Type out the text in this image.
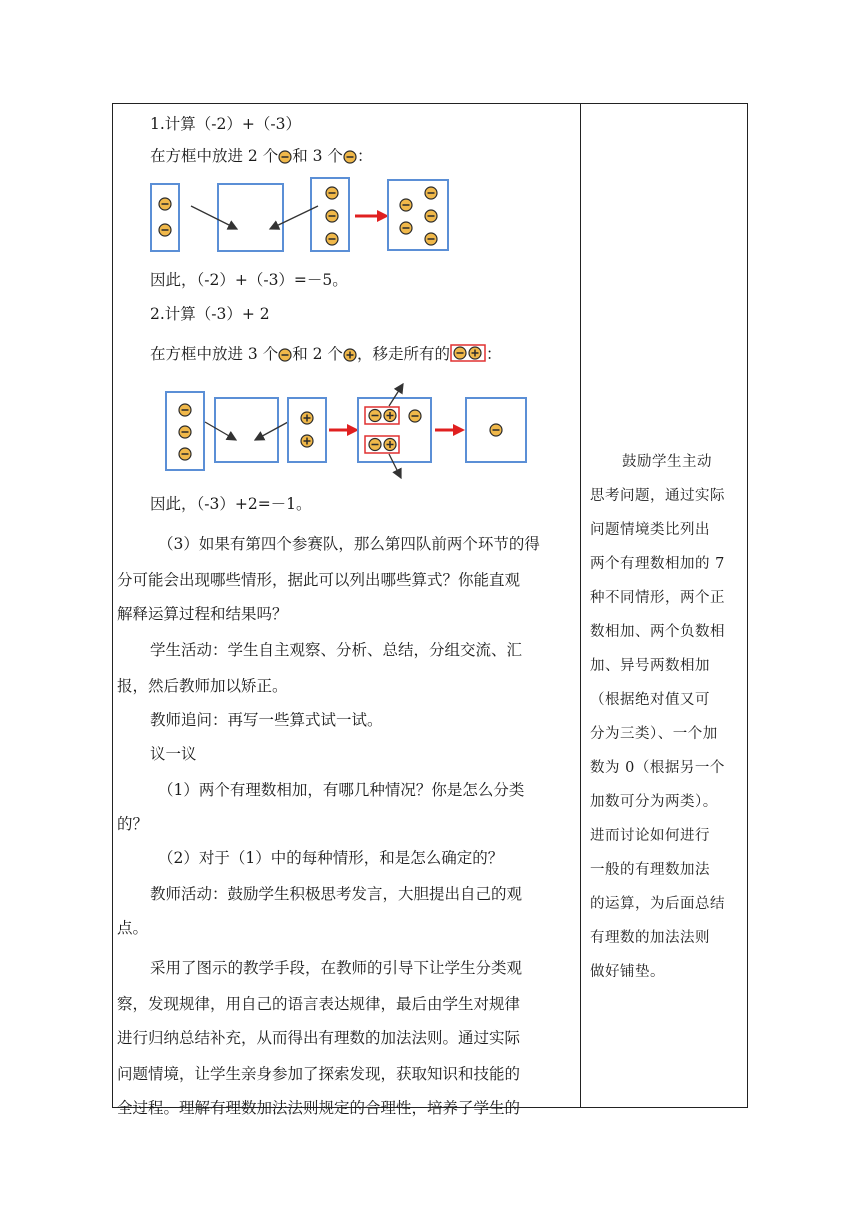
1.计算（-2）+（-3）
在方框中放进 2 个 和 3 个 ：
因此，（-2）+（-3）=－5。
2.计算（-3）+ 2
在方框中放进 3 个 和 2 个 ，移走所有的 ：
因此，（-3）+2=－1。
（3）如果有第四个参赛队，那么第四队前两个环节的得
分可能会出现哪些情形，据此可以列出哪些算式？你能直观
解释运算过程和结果吗？
学生活动：学生自主观察、分析、总结，分组交流、汇
报，然后教师加以矫正。
教师追问：再写一些算式试一试。
议一议
（1）两个有理数相加，有哪几种情况？你是怎么分类
的？
（2）对于（1）中的每种情形，和是怎么确定的？
教师活动：鼓励学生积极思考发言，大胆提出自己的观
点。
采用了图示的教学手段，在教师的引导下让学生分类观
察，发现规律，用自己的语言表达规律，最后由学生对规律
进行归纳总结补充，从而得出有理数的加法法则。通过实际
问题情境，让学生亲身参加了探索发现，获取知识和技能的
全过程。理解有理数加法法则规定的合理性，培养了学生的
鼓励学生主动
思考问题，通过实际
问题情境类比列出
两个有理数相加的 7
种不同情形，两个正
数相加、两个负数相
加、异号两数相加
（根据绝对值又可
分为三类）、一个加
数为 0（根据另一个
加数可分为两类）。
进而讨论如何进行
一般的有理数加法
的运算，为后面总结
有理数的加法法则
做好铺垫。
